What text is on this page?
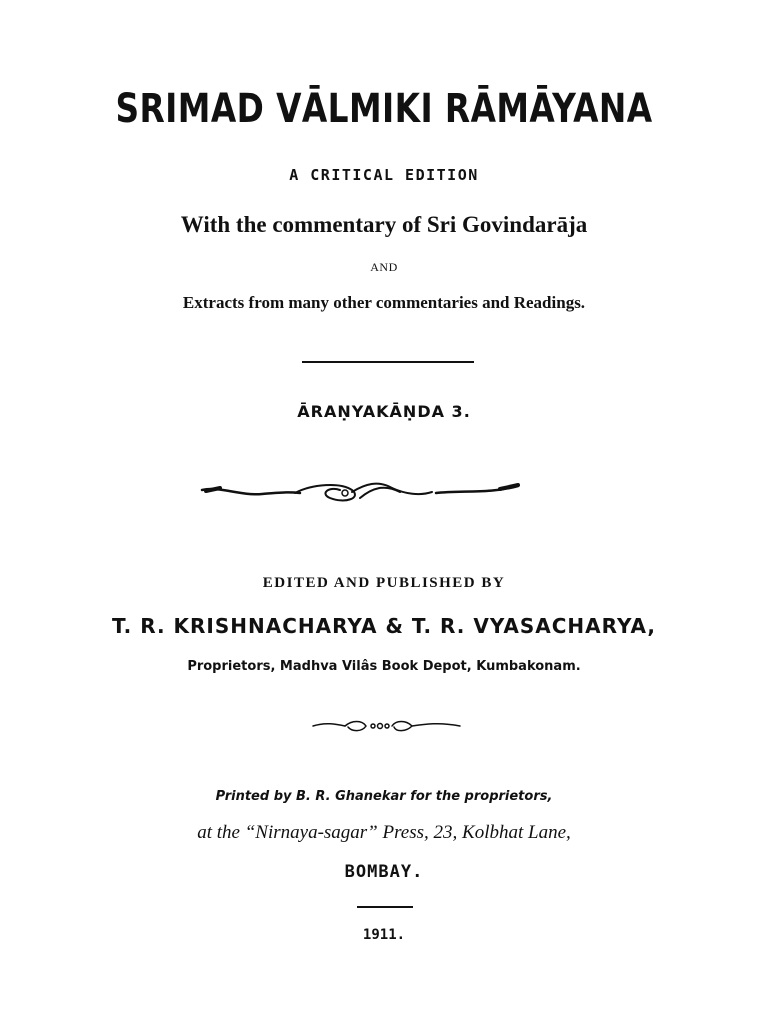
SRIMAD VĀLMIKI RĀMĀYANA
A CRITICAL EDITION
With the commentary of Sri Govindarāja
AND
Extracts from many other commentaries and Readings.
ĀRAṆYAKĀṆDA 3.
EDITED AND PUBLISHED BY
T. R. KRISHNACHARYA & T. R. VYASACHARYA,
Proprietors, Madhva Vilâs Book Depot, Kumbakonam.
Printed by B. R. Ghanekar for the proprietors,
at the “Nirnaya-sagar” Press, 23, Kolbhat Lane,
BOMBAY.
1911.
